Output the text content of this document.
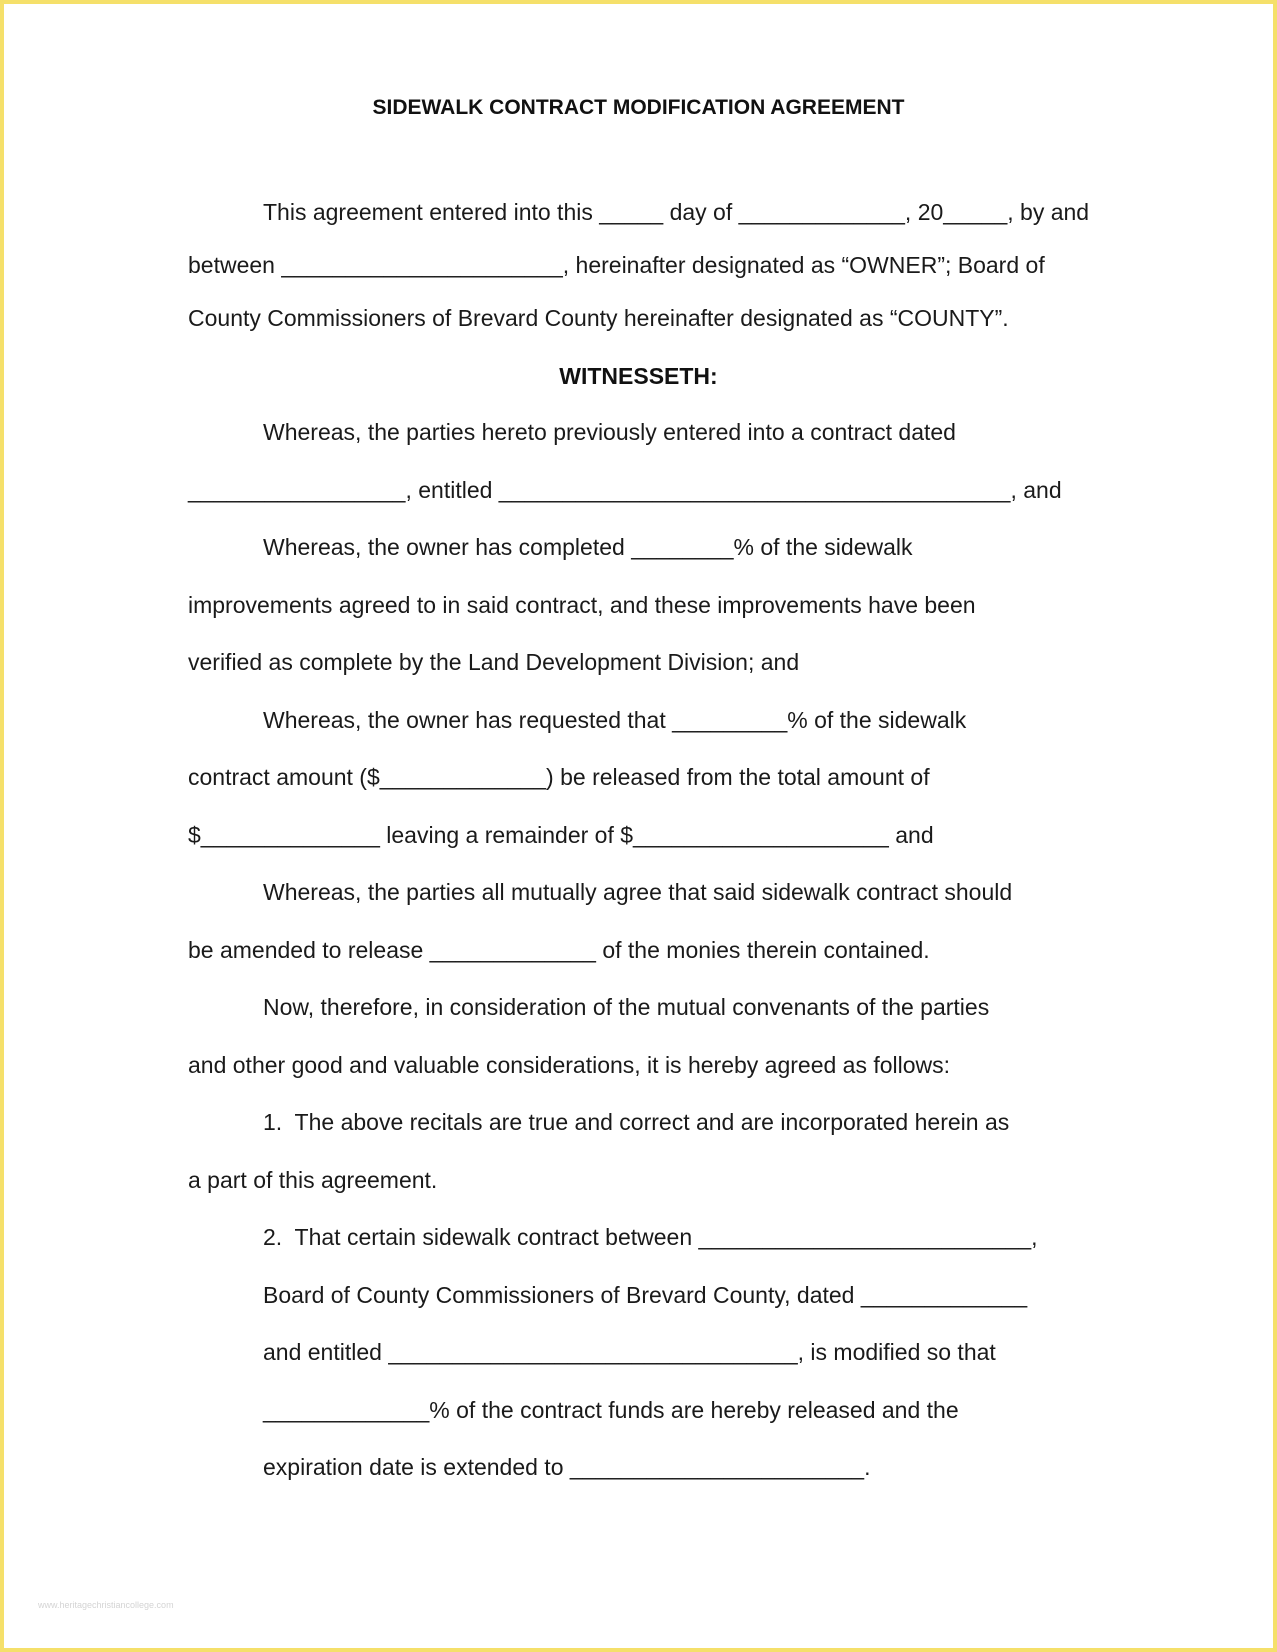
SIDEWALK CONTRACT MODIFICATION AGREEMENT
This agreement entered into this _____ day of _____________, 20_____, by and
between ______________________, hereinafter designated as “OWNER”; Board of
County Commissioners of Brevard County hereinafter designated as “COUNTY”.
WITNESSETH:
Whereas, the parties hereto previously entered into a contract dated
_________________, entitled ________________________________________, and
Whereas, the owner has completed ________% of the sidewalk
improvements agreed to in said contract, and these improvements have been
verified as complete by the Land Development Division; and
Whereas, the owner has requested that _________% of the sidewalk
contract amount ($_____________) be released from the total amount of
$______________ leaving a remainder of $____________________ and
Whereas, the parties all mutually agree that said sidewalk contract should
be amended to release _____________ of the monies therein contained.
Now, therefore, in consideration of the mutual convenants of the parties
and other good and valuable considerations, it is hereby agreed as follows:
1.  The above recitals are true and correct and are incorporated herein as
a part of this agreement.
2.  That certain sidewalk contract between __________________________,
Board of County Commissioners of Brevard County, dated _____________
and entitled ________________________________, is modified so that
_____________% of the contract funds are hereby released and the
expiration date is extended to _______________________.
www.heritagechristiancollege.com
